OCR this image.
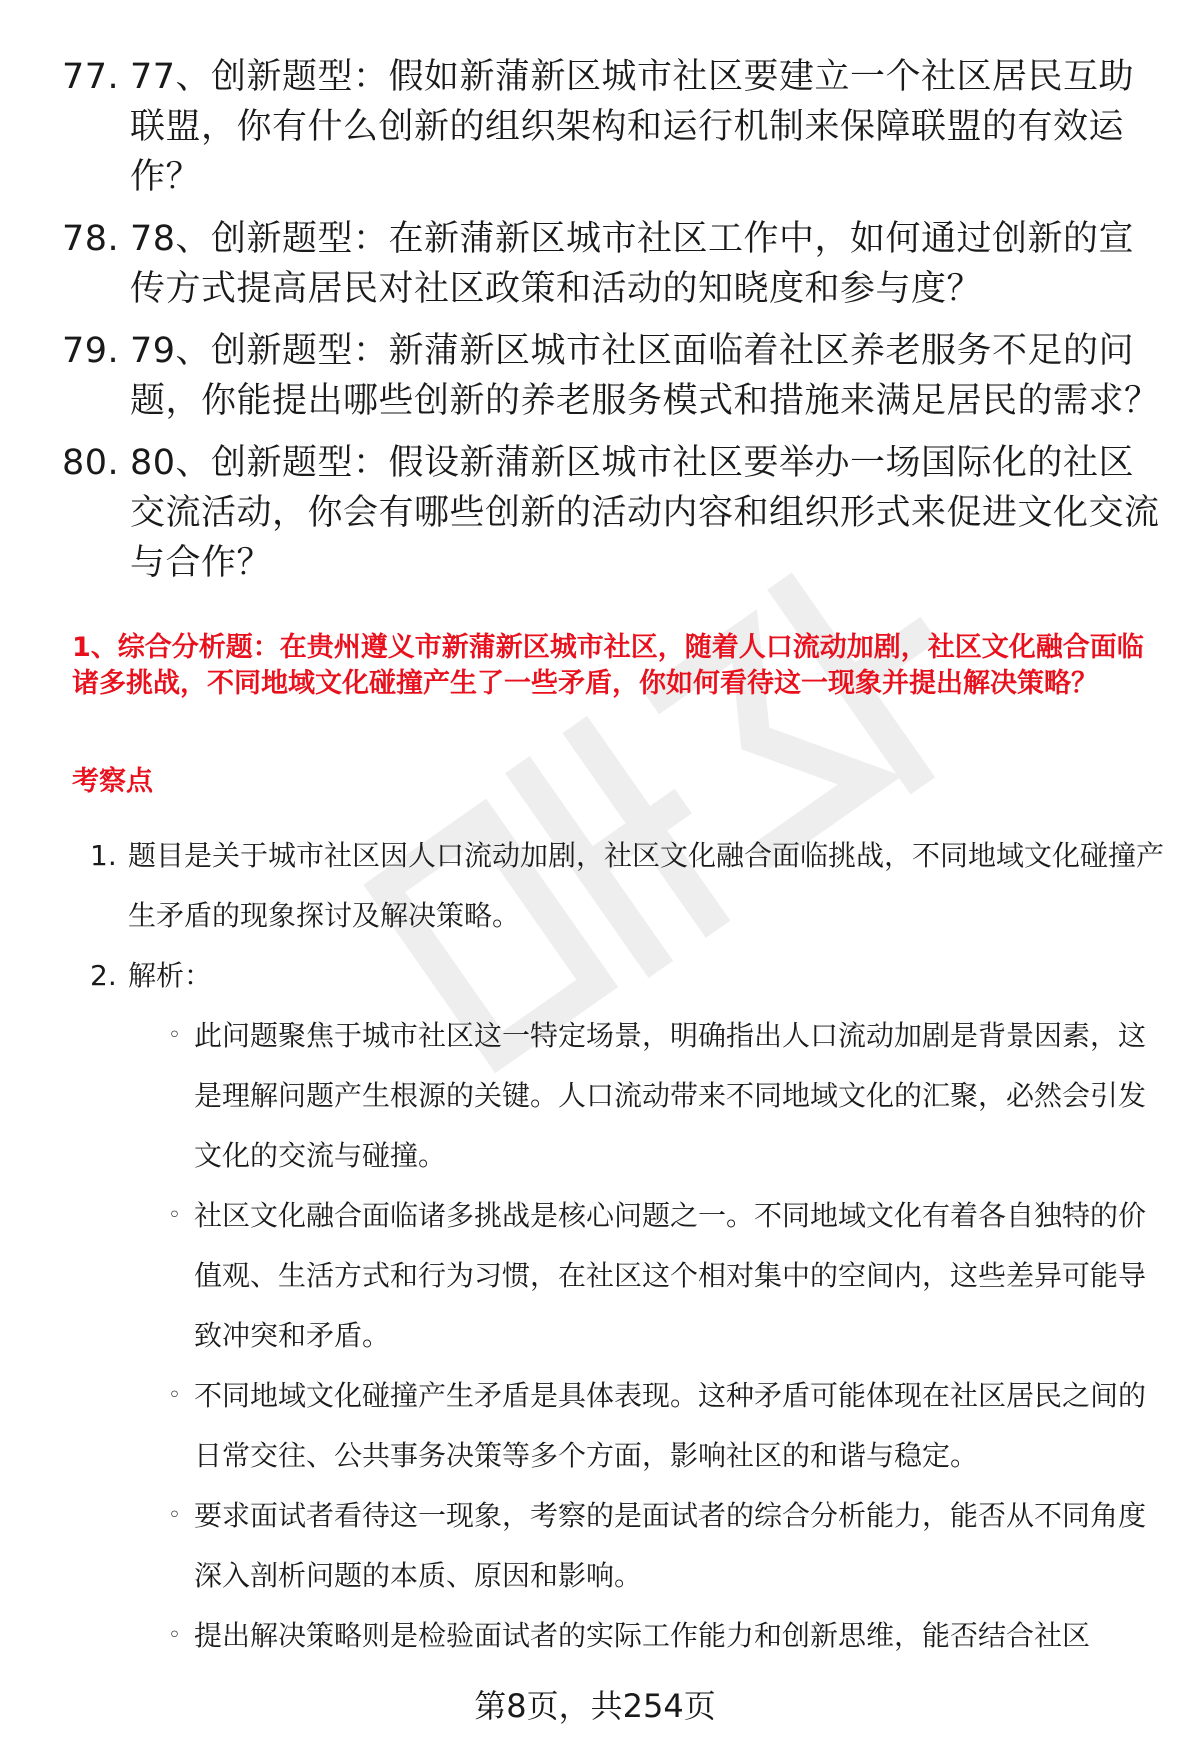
77. 77、创新题型：假如新蒲新区城市社区要建立一个社区居民互助联盟，你有什么创新的组织架构和运行机制来保障联盟的有效运作？
78. 78、创新题型：在新蒲新区城市社区工作中，如何通过创新的宣传方式提高居民对社区政策和活动的知晓度和参与度？
79. 79、创新题型：新蒲新区城市社区面临着社区养老服务不足的问题，你能提出哪些创新的养老服务模式和措施来满足居民的需求？
80. 80、创新题型：假设新蒲新区城市社区要举办一场国际化的社区交流活动，你会有哪些创新的活动内容和组织形式来促进文化交流与合作？
1、综合分析题：在贵州遵义市新蒲新区城市社区，随着人口流动加剧，社区文化融合面临诸多挑战，不同地域文化碰撞产生了一些矛盾，你如何看待这一现象并提出解决策略？
考察点
1. 题目是关于城市社区因人口流动加剧，社区文化融合面临挑战，不同地域文化碰撞产生矛盾的现象探讨及解决策略。
2. 解析：
◦ 此问题聚焦于城市社区这一特定场景，明确指出人口流动加剧是背景因素，这是理解问题产生根源的关键。人口流动带来不同地域文化的汇聚，必然会引发文化的交流与碰撞。
◦ 社区文化融合面临诸多挑战是核心问题之一。不同地域文化有着各自独特的价值观、生活方式和行为习惯，在社区这个相对集中的空间内，这些差异可能导致冲突和矛盾。
◦ 不同地域文化碰撞产生矛盾是具体表现。这种矛盾可能体现在社区居民之间的日常交往、公共事务决策等多个方面，影响社区的和谐与稳定。
◦ 要求面试者看待这一现象，考察的是面试者的综合分析能力，能否从不同角度深入剖析问题的本质、原因和影响。
◦ 提出解决策略则是检验面试者的实际工作能力和创新思维，能否结合社区
第8页，共254页
